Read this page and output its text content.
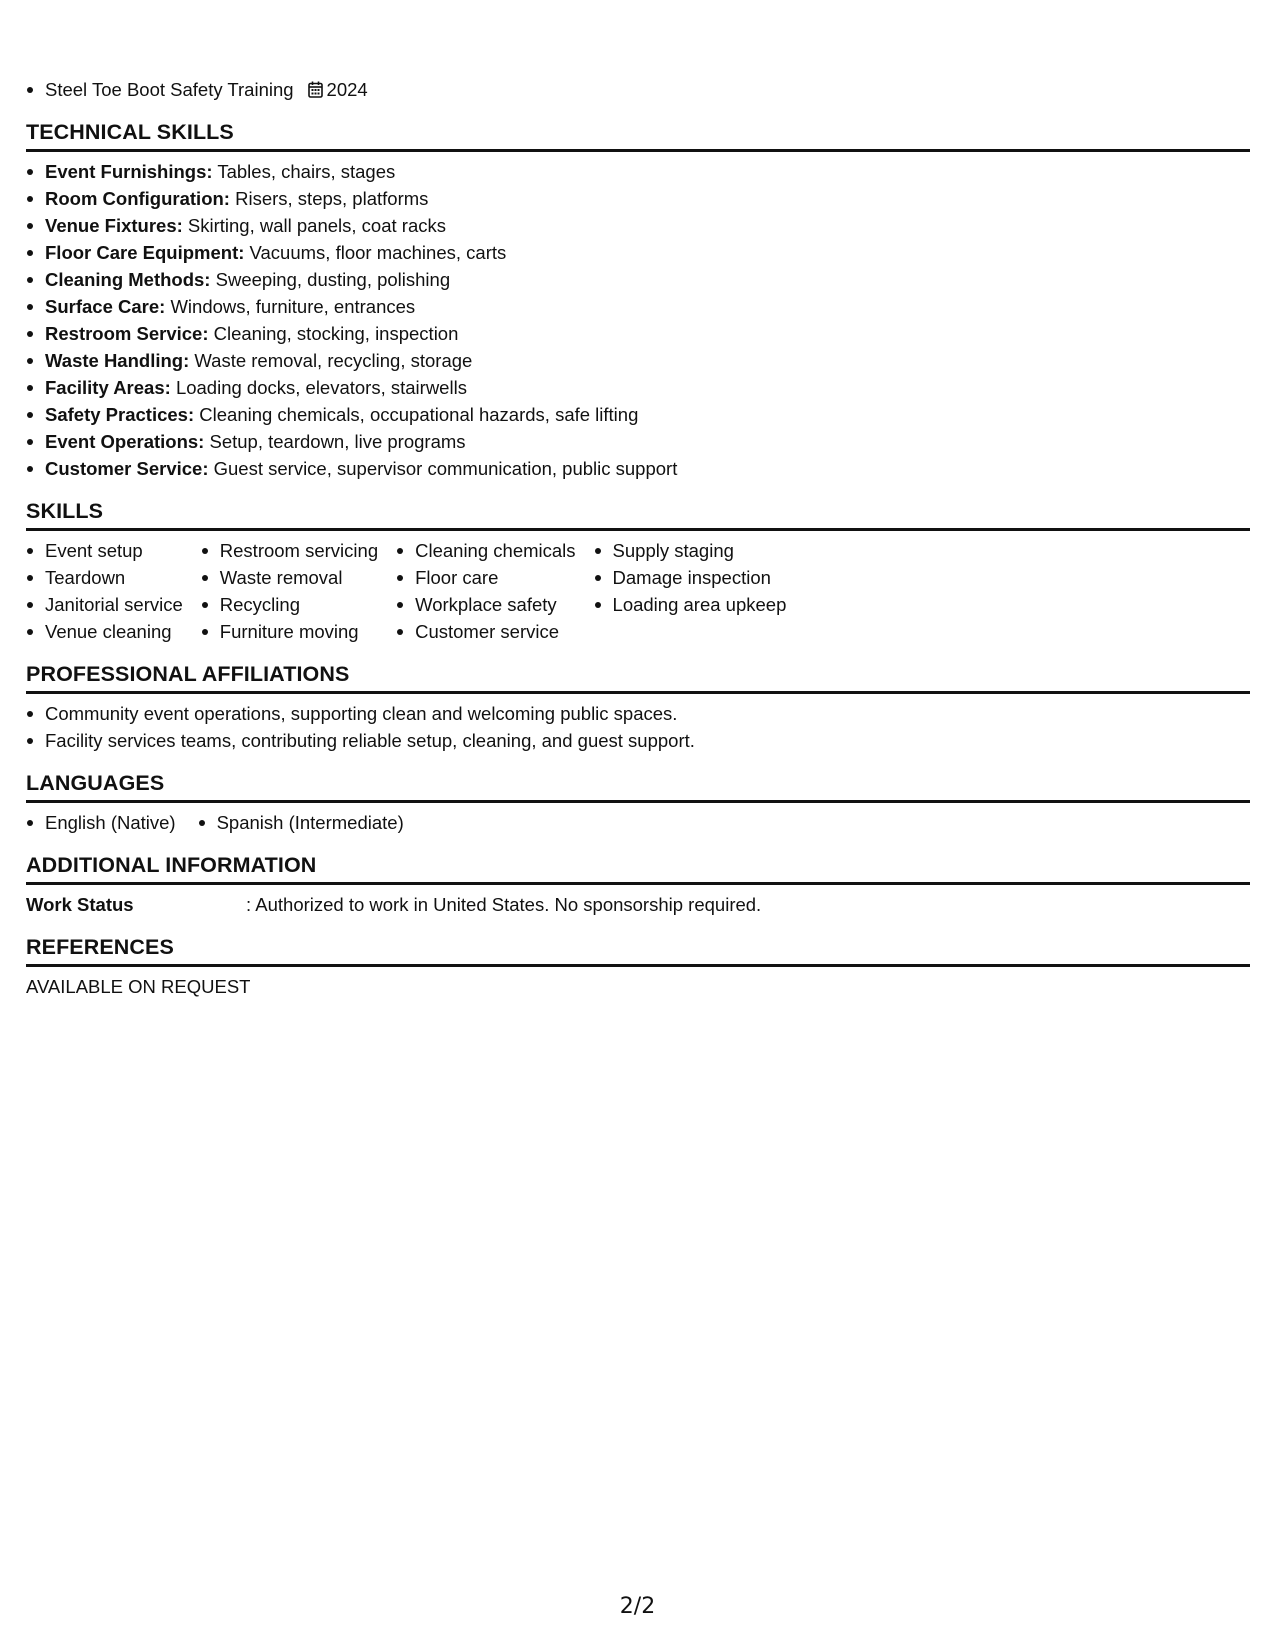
Steel Toe Boot Safety Training 2024
TECHNICAL SKILLS
Event Furnishings: Tables, chairs, stages
Room Configuration: Risers, steps, platforms
Venue Fixtures: Skirting, wall panels, coat racks
Floor Care Equipment: Vacuums, floor machines, carts
Cleaning Methods: Sweeping, dusting, polishing
Surface Care: Windows, furniture, entrances
Restroom Service: Cleaning, stocking, inspection
Waste Handling: Waste removal, recycling, storage
Facility Areas: Loading docks, elevators, stairwells
Safety Practices: Cleaning chemicals, occupational hazards, safe lifting
Event Operations: Setup, teardown, live programs
Customer Service: Guest service, supervisor communication, public support
SKILLS
Event setup
Teardown
Janitorial service
Venue cleaning
Restroom servicing
Waste removal
Recycling
Furniture moving
Cleaning chemicals
Floor care
Workplace safety
Customer service
Supply staging
Damage inspection
Loading area upkeep
PROFESSIONAL AFFILIATIONS
Community event operations, supporting clean and welcoming public spaces.
Facility services teams, contributing reliable setup, cleaning, and guest support.
LANGUAGES
English (Native)	Spanish (Intermediate)
ADDITIONAL INFORMATION
Work Status	: Authorized to work in United States. No sponsorship required.
REFERENCES
AVAILABLE ON REQUEST
2/2
